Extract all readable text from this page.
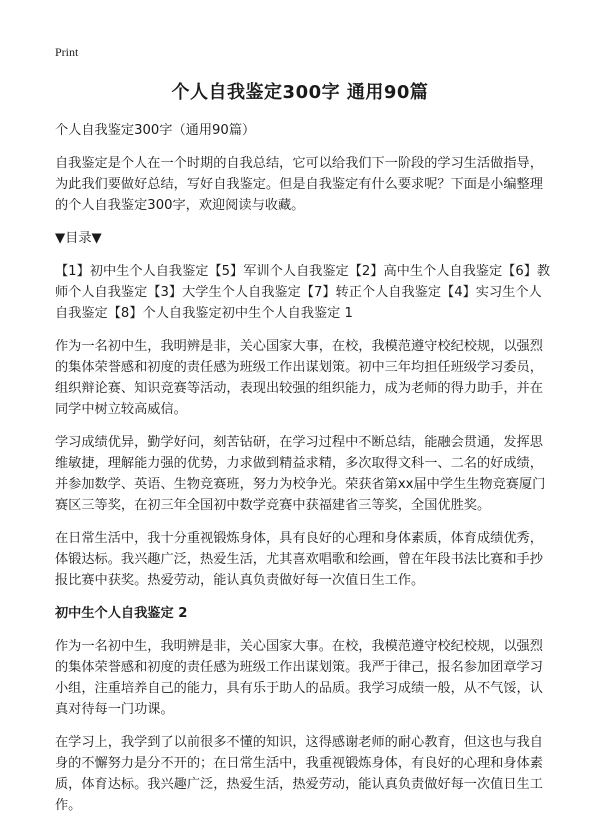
Print
个人自我鉴定300字 通用90篇

个人自我鉴定300字（通用90篇）

自我鉴定是个人在一个时期的自我总结，它可以给我们下一阶段的学习生活做指导，为此我们要做好总结，写好自我鉴定。但是自我鉴定有什么要求呢？下面是小编整理的个人自我鉴定300字，欢迎阅读与收藏。

▼目录▼

【1】初中生个人自我鉴定【5】军训个人自我鉴定【2】高中生个人自我鉴定【6】教师个人自我鉴定【3】大学生个人自我鉴定【7】转正个人自我鉴定【4】实习生个人自我鉴定【8】个人自我鉴定初中生个人自我鉴定 1

作为一名初中生，我明辨是非，关心国家大事，在校，我模范遵守校纪校规，以强烈的集体荣誉感和初度的责任感为班级工作出谋划策。初中三年均担任班级学习委员，组织辩论赛、知识竞赛等活动，表现出较强的组织能力，成为老师的得力助手，并在同学中树立较高威信。

学习成绩优异，勤学好问，刻苦钻研，在学习过程中不断总结，能融会贯通，发挥思维敏捷，理解能力强的优势，力求做到精益求精，多次取得文科一、二名的好成绩，并参加数学、英语、生物竞赛班，努力为校争光。荣获省第xx届中学生生物竞赛厦门赛区三等奖，在初三年全国初中数学竞赛中获福建省三等奖，全国优胜奖。

在日常生活中，我十分重视锻炼身体，具有良好的心理和身体素质，体育成绩优秀，体锻达标。我兴趣广泛，热爱生活，尤其喜欢唱歌和绘画，曾在年段书法比赛和手抄报比赛中获奖。热爱劳动，能认真负责做好每一次值日生工作。

初中生个人自我鉴定 2

作为一名初中生，我明辨是非，关心国家大事。在校，我模范遵守校纪校规，以强烈的集体荣誉感和初度的责任感为班级工作出谋划策。我严于律己，报名参加团章学习小组，注重培养自己的能力，具有乐于助人的品质。我学习成绩一般，从不气馁，认真对待每一门功课。

在学习上，我学到了以前很多不懂的知识，这得感谢老师的耐心教育，但这也与我自身的不懈努力是分不开的；在日常生活中，我重视锻炼身体，有良好的心理和身体素质，体育达标。我兴趣广泛，热爱生活，热爱劳动，能认真负责做好每一次值日生工作。
